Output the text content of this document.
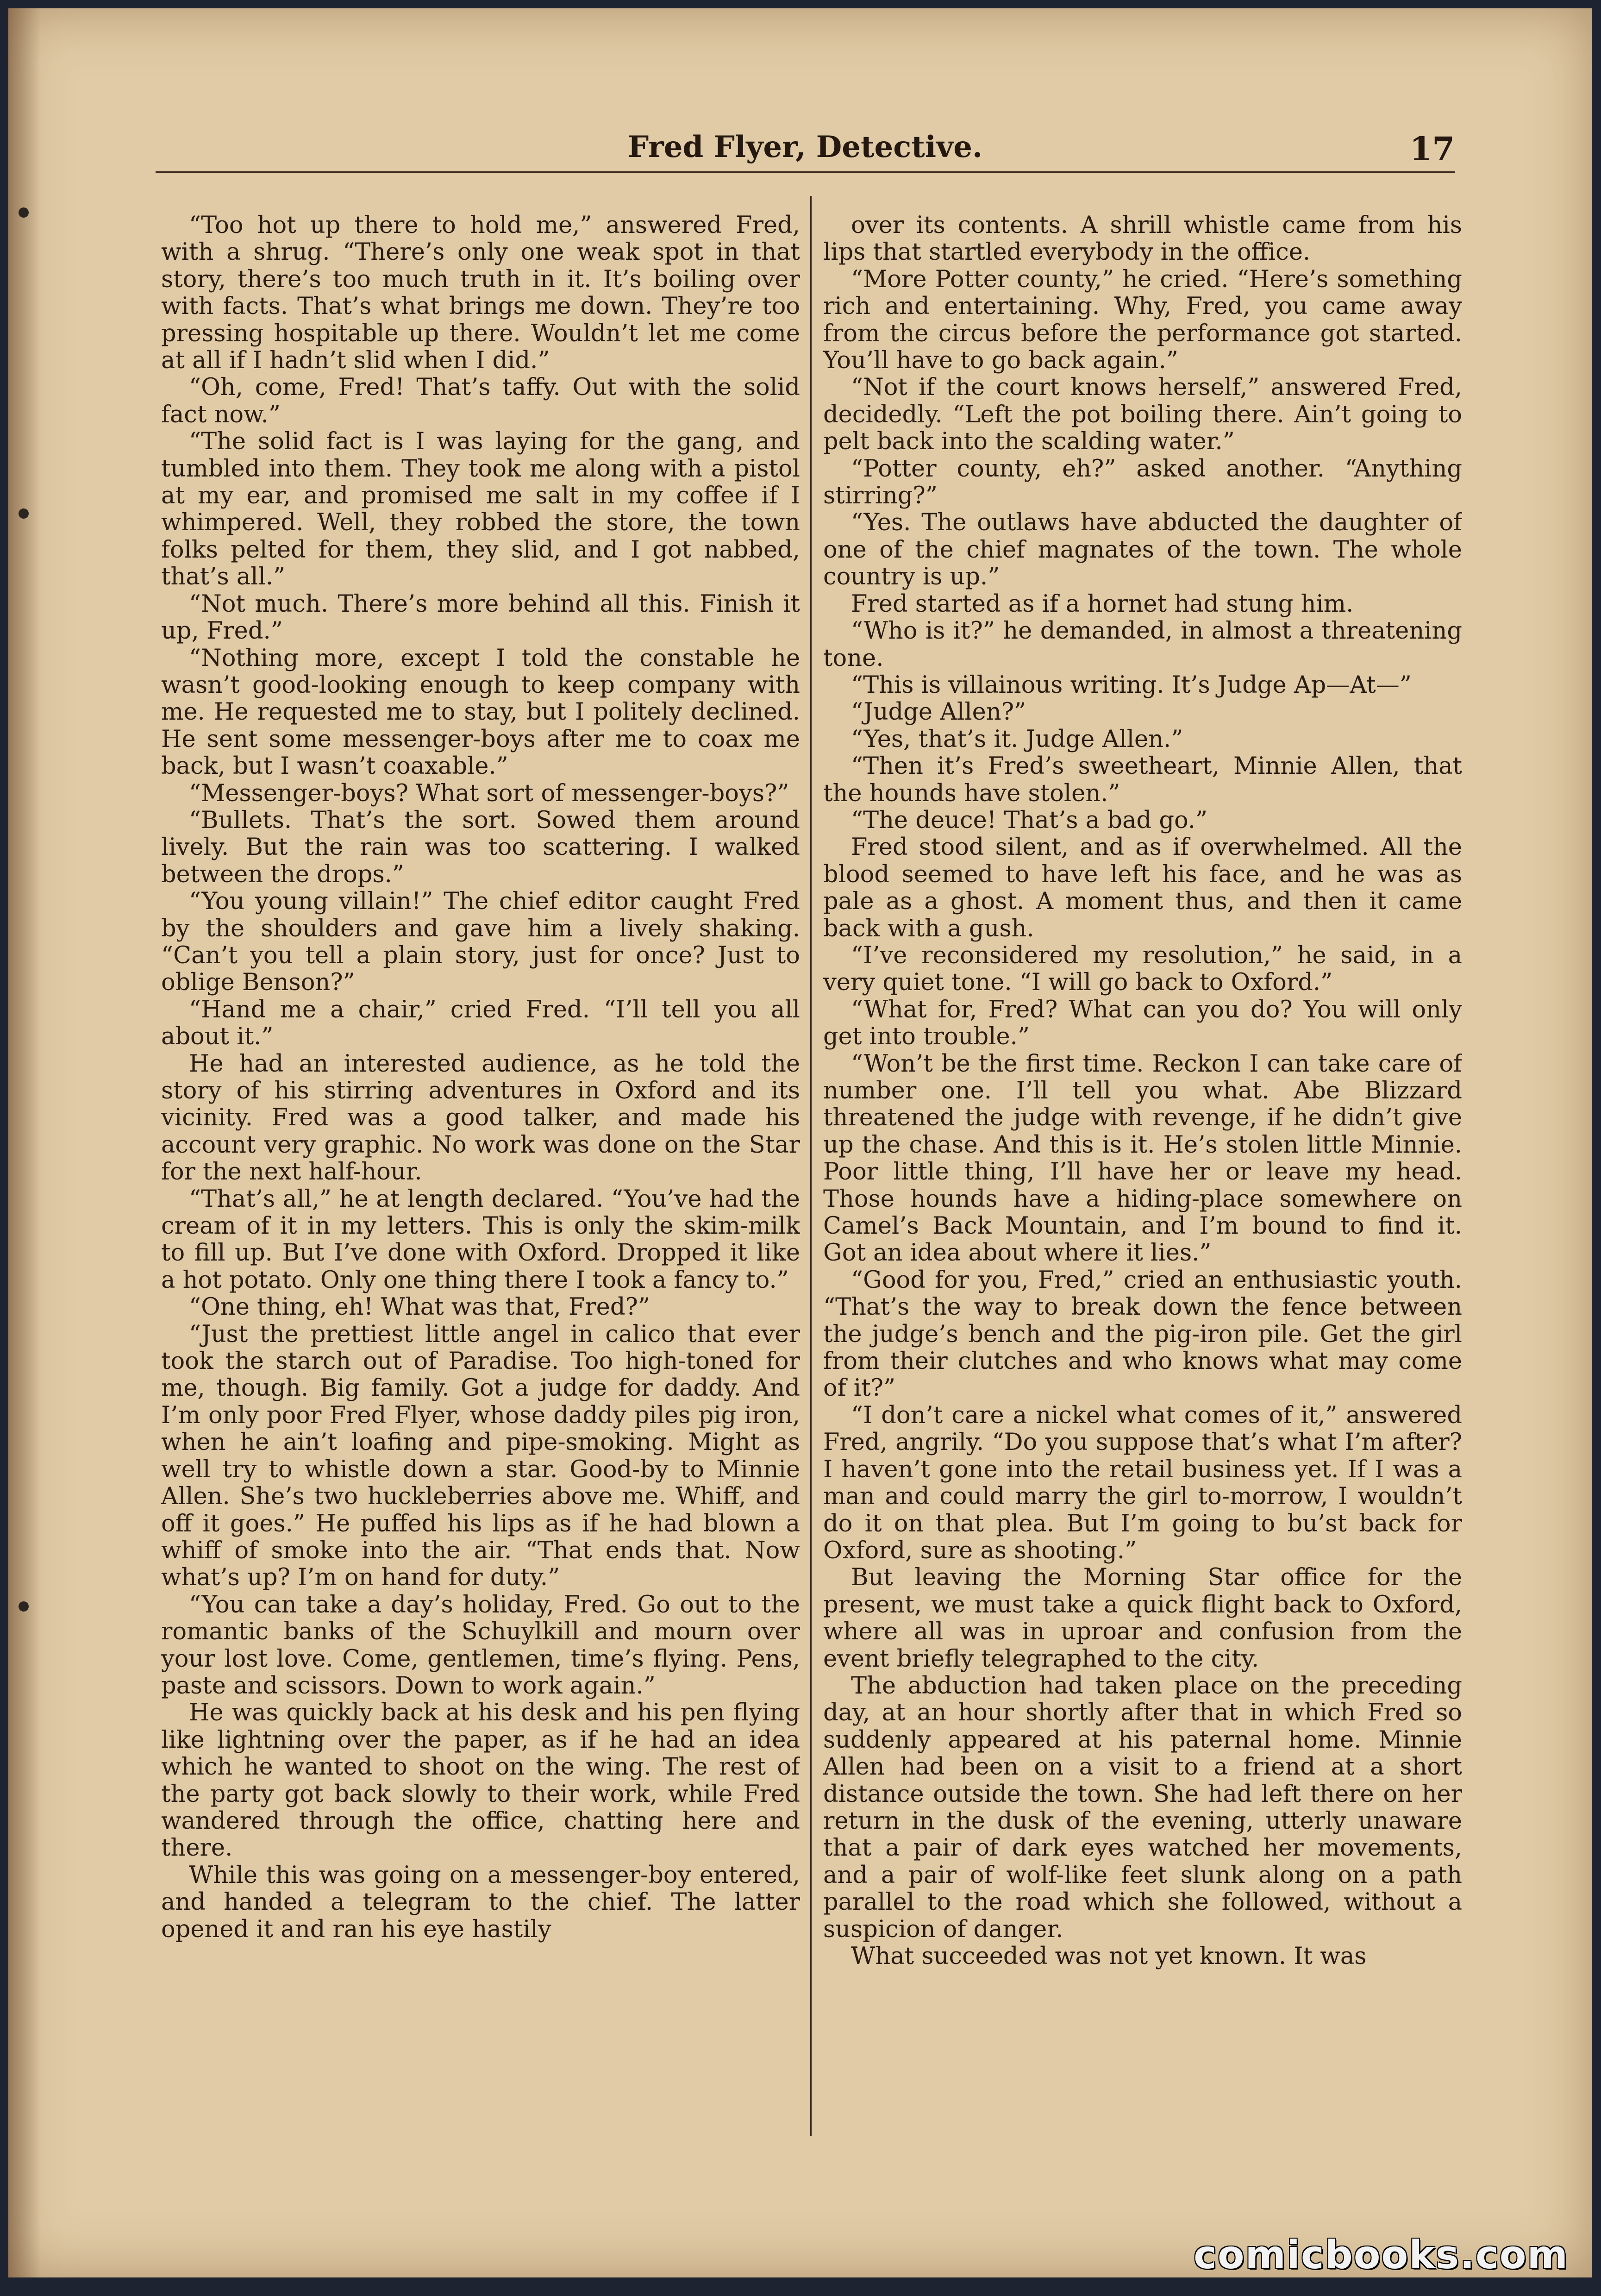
Fred Flyer, Detective.	17

“Too hot up there to hold me,” answered Fred, with a shrug. “There’s only one weak spot in that story, there’s too much truth in it. It’s boiling over with facts. That’s what brings me down. They’re too pressing hospitable up there. Wouldn’t let me come at all if I hadn’t slid when I did.”

“Oh, come, Fred! That’s taffy. Out with the solid fact now.”

“The solid fact is I was laying for the gang, and tumbled into them. They took me along with a pistol at my ear, and promised me salt in my coffee if I whimpered. Well, they robbed the store, the town folks pelted for them, they slid, and I got nabbed, that’s all.”

“Not much. There’s more behind all this. Finish it up, Fred.”

“Nothing more, except I told the constable he wasn’t good-looking enough to keep company with me. He requested me to stay, but I politely declined. He sent some messenger-boys after me to coax me back, but I wasn’t coaxable.”

“Messenger-boys? What sort of messenger-boys?”

“Bullets. That’s the sort. Sowed them around lively. But the rain was too scattering. I walked between the drops.”

“You young villain!” The chief editor caught Fred by the shoulders and gave him a lively shaking. “Can’t you tell a plain story, just for once? Just to oblige Benson?”

“Hand me a chair,” cried Fred. “I’ll tell you all about it.”

He had an interested audience, as he told the story of his stirring adventures in Oxford and its vicinity. Fred was a good talker, and made his account very graphic. No work was done on the Star for the next half-hour.

“That’s all,” he at length declared. “You’ve had the cream of it in my letters. This is only the skim-milk to fill up. But I’ve done with Oxford. Dropped it like a hot potato. Only one thing there I took a fancy to.”

“One thing, eh! What was that, Fred?”

“Just the prettiest little angel in calico that ever took the starch out of Paradise. Too high-toned for me, though. Big family. Got a judge for daddy. And I’m only poor Fred Flyer, whose daddy piles pig iron, when he ain’t loafing and pipe-smoking. Might as well try to whistle down a star. Good-by to Minnie Allen. She’s two huckleberries above me. Whiff, and off it goes.” He puffed his lips as if he had blown a whiff of smoke into the air. “That ends that. Now what’s up? I’m on hand for duty.”

“You can take a day’s holiday, Fred. Go out to the romantic banks of the Schuylkill and mourn over your lost love. Come, gentlemen, time’s flying. Pens, paste and scissors. Down to work again.”

He was quickly back at his desk and his pen flying like lightning over the paper, as if he had an idea which he wanted to shoot on the wing. The rest of the party got back slowly to their work, while Fred wandered through the office, chatting here and there.

While this was going on a messenger-boy entered, and handed a telegram to the chief. The latter opened it and ran his eye hastily

over its contents. A shrill whistle came from his lips that startled everybody in the office.

“More Potter county,” he cried. “Here’s something rich and entertaining. Why, Fred, you came away from the circus before the performance got started. You’ll have to go back again.”

“Not if the court knows herself,” answered Fred, decidedly. “Left the pot boiling there. Ain’t going to pelt back into the scalding water.”

“Potter county, eh?” asked another. “Anything stirring?”

“Yes. The outlaws have abducted the daughter of one of the chief magnates of the town. The whole country is up.”

Fred started as if a hornet had stung him.

“Who is it?” he demanded, in almost a threatening tone.

“This is villainous writing. It’s Judge Ap—At—”

“Judge Allen?”

“Yes, that’s it. Judge Allen.”

“Then it’s Fred’s sweetheart, Minnie Allen, that the hounds have stolen.”

“The deuce! That’s a bad go.”

Fred stood silent, and as if overwhelmed. All the blood seemed to have left his face, and he was as pale as a ghost. A moment thus, and then it came back with a gush.

“I’ve reconsidered my resolution,” he said, in a very quiet tone. “I will go back to Oxford.”

“What for, Fred? What can you do? You will only get into trouble.”

“Won’t be the first time. Reckon I can take care of number one. I’ll tell you what. Abe Blizzard threatened the judge with revenge, if he didn’t give up the chase. And this is it. He’s stolen little Minnie. Poor little thing, I’ll have her or leave my head. Those hounds have a hiding-place somewhere on Camel’s Back Mountain, and I’m bound to find it. Got an idea about where it lies.”

“Good for you, Fred,” cried an enthusiastic youth. “That’s the way to break down the fence between the judge’s bench and the pig-iron pile. Get the girl from their clutches and who knows what may come of it?”

“I don’t care a nickel what comes of it,” answered Fred, angrily. “Do you suppose that’s what I’m after? I haven’t gone into the retail business yet. If I was a man and could marry the girl to-morrow, I wouldn’t do it on that plea. But I’m going to bu’st back for Oxford, sure as shooting.”

But leaving the Morning Star office for the present, we must take a quick flight back to Oxford, where all was in uproar and confusion from the event briefly telegraphed to the city.

The abduction had taken place on the preceding day, at an hour shortly after that in which Fred so suddenly appeared at his paternal home. Minnie Allen had been on a visit to a friend at a short distance outside the town. She had left there on her return in the dusk of the evening, utterly unaware that a pair of dark eyes watched her movements, and a pair of wolf-like feet slunk along on a path parallel to the road which she followed, without a suspicion of danger.

What succeeded was not yet known. It was

comicbooks.com
